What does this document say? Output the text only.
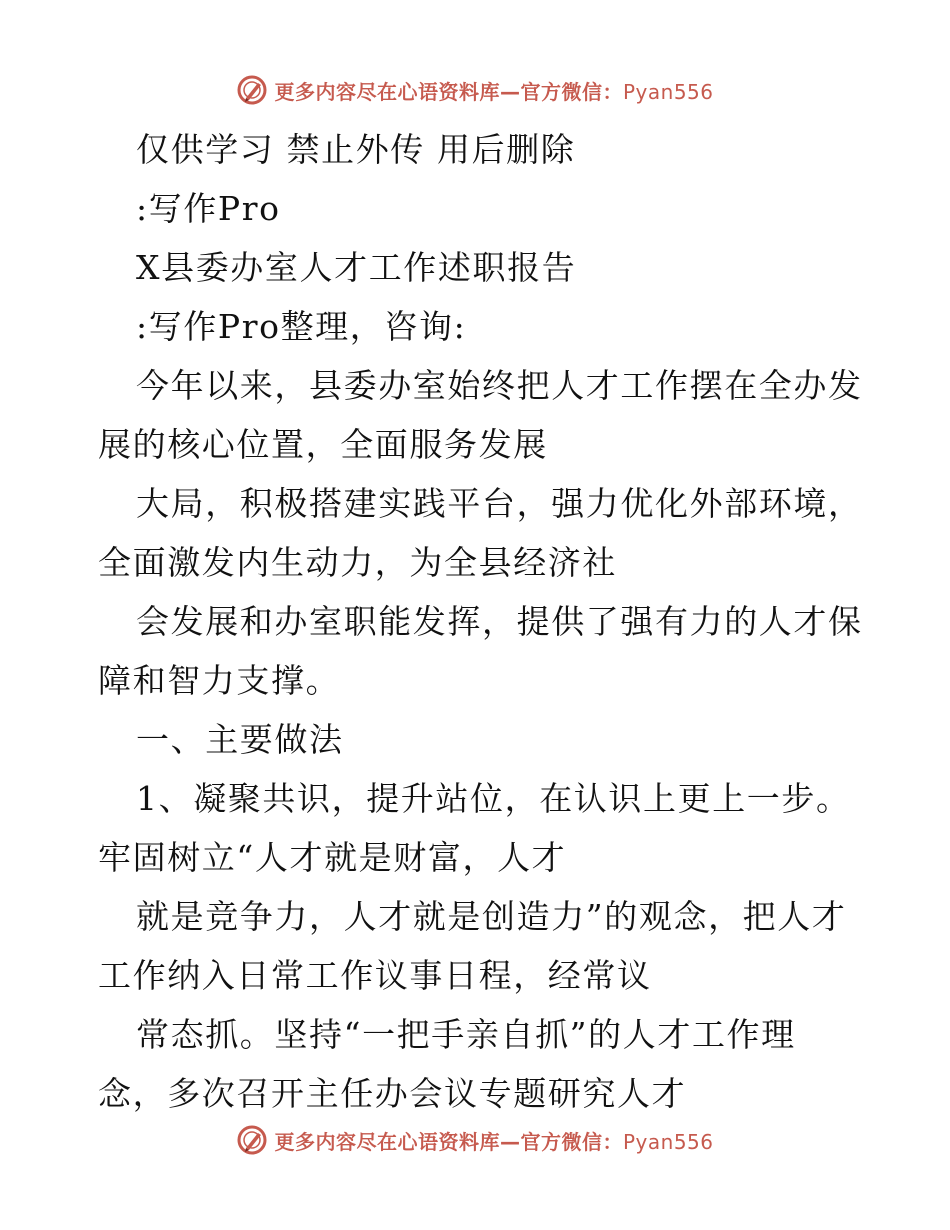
更多内容尽在心语资料库—官方微信：Pyan556
仅供学习 禁止外传 用后删除
:写作Pro
X县委办室人才工作述职报告
:写作Pro整理，咨询:
今年以来，县委办室始终把人才工作摆在全办发
展的核心位置，全面服务发展
大局，积极搭建实践平台，强力优化外部环境，
全面激发内生动力，为全县经济社
会发展和办室职能发挥，提供了强有力的人才保
障和智力支撑。
一、主要做法
1、凝聚共识，提升站位，在认识上更上一步。
牢固树立“人才就是财富，人才
就是竞争力，人才就是创造力”的观念，把人才
工作纳入日常工作议事日程，经常议
常态抓。坚持“一把手亲自抓”的人才工作理
念，多次召开主任办会议专题研究人才
更多内容尽在心语资料库—官方微信：Pyan556
